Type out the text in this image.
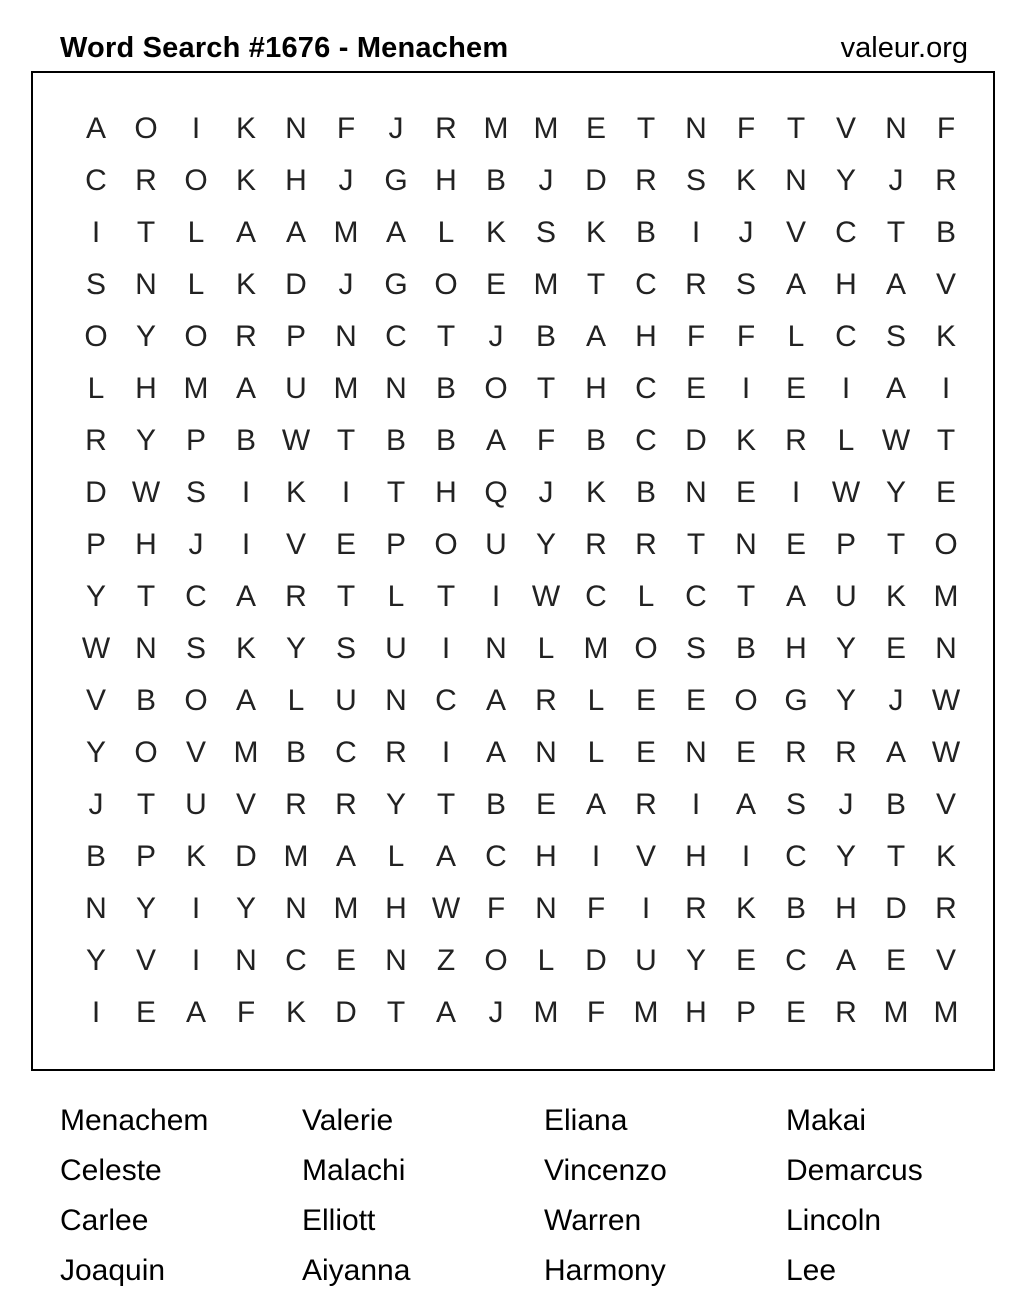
Word Search #1676 - Menachem	valeur.org
A O	I	K N	F	J	R M M E	T	N	F	T	V N	F
C R O K H	J	G H B	J	D R S K N Y	J	R
I	T	L	A A M A	L	K S K B	I	J	V C	T	B
S N	L	K D	J	G O E M T	C R S A H A V
O Y O R P N C	T	J	B A H	F	F	L	C S K
L	H M A U M N B O T	H C E	I	E	I	A	I
R Y P B W T	B B A	F	B C D K R	L W T
D W S	I	K	I	T	H Q	J	K B N E	I	W Y E
P H	J	I	V E P O U Y R R	T	N E P	T O
Y	T	C A R	T	L	T	I	W C	L	C	T	A U K M
W N S K Y S U	I	N	L M O S B H Y E N
V B O A	L	U N C A R	L	E E O G Y	J W
Y O V M B C R	I	A N	L	E N E R R A W
J	T	U V R R Y	T	B E A R	I	A S	J	B V
B P K D M A	L	A C H	I	V H	I	C Y	T	K
N Y	I	Y N M H W F	N	F	I	R K B H D R
Y V	I	N C E N	Z O L	D U Y E C A E V
I	E A	F	K D	T	A	J	M F M H P E R M M
Menachem	Valerie	Eliana	Makai
Celeste	Malachi	Vincenzo	Demarcus
Carlee	Elliott	Warren	Lincoln
Joaquin	Aiyanna	Harmony	Lee
